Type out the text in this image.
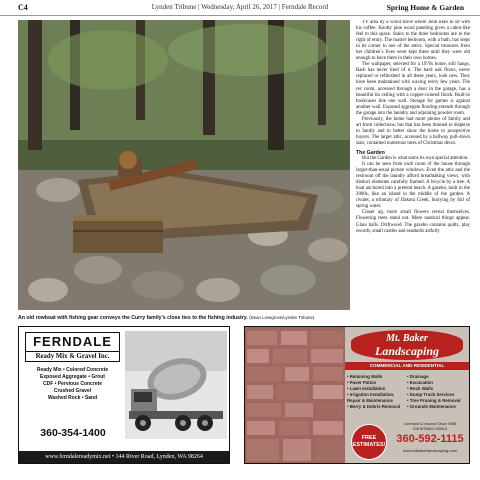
C4	Lynden Tribune | Wednesday, April 26, 2017 | Ferndale Record	Spring Home & Garden
An old rowboat with fishing gear conveys the Curry family’s close ties to the fishing industry. (Dean Lovegrove/Lynden Tribune)

TV area by a wood stove where John likes to sit with his coffee. Knotty pine wood paneling gives a cabin-like feel to this space. Stairs to the three bedrooms are to the right of entry. The master bedroom, with a bath, has steps in its corner to one of the attics. Special treasures from her children’s lives were kept there until they were old enough to have them in their own homes.

The wallpaper, selected for a 1970s home, still hangs. Barb has never tired of it. The hard oak floors, never replaced or refinished in all these years, look new. They have been maintained with waxing every few years. The rec room, accessed through a door in the garage, has a beautiful tin ceiling with a copper-colored finish. Built-in bookcases line one wall. Storage for games is against another wall. Exposed aggregate flooring extends through the garage into the laundry and adjoining powder room.

Previously, the home had more photos of family and art from collections, but that has been thinned to disperse to family and to better show the home to prospective buyers. The larger attic, accessed by a hallway pull-down stair, contained numerous totes of Christmas décor.

The Garden

But the Garden is what earns its own special attention.

It can be seen from each room of the house through larger-than-usual picture windows. Even the attic and the restroom off the laundry afford breathtaking views, with distinct elements carefully framed. A bicycle by a tree. A boat anchored into a pretend beach. A gazebo, built in the 2000s, like an island in the middle of the garden. A rivulet, a tributary of Dakota Creek, hurrying by full of spring water.

Closer up, more small flowers reveal themselves. Flowering trees stand out. More nautical things appear. Glass balls. Driftwood. The gazebo contains quilts, play swords, small castles and seashells artfully

FERNDALE
Ready Mix & Gravel Inc.
Ready Mix • Colored Concrete
Exposed Aggregate • Grout
CDF • Pervious Concrete
Crushed Gravel
Washed Rock • Sand
360-354-1400
www.ferndalereadymix.net • 144 River Road, Lynden, WA 98264
Mt. Baker
Landscaping
COMMERCIAL AND RESIDENTIAL
• Retaining Walls
• Paver Patios
• Lawn Installation
• Irrigation Installation,
Repair & Maintenance
• Berry & Debris Removal
• Drainage
• Excavation
• Rock Walls
• Dump Truck Services
• Tree Pruning & Removal
• Grounds Maintenance
FREE
ESTIMATES!
Licensed & Insured Since 1988
ID# MTBAKL*839L0
360-592-1115
www.mtbakerlandscaping.com
